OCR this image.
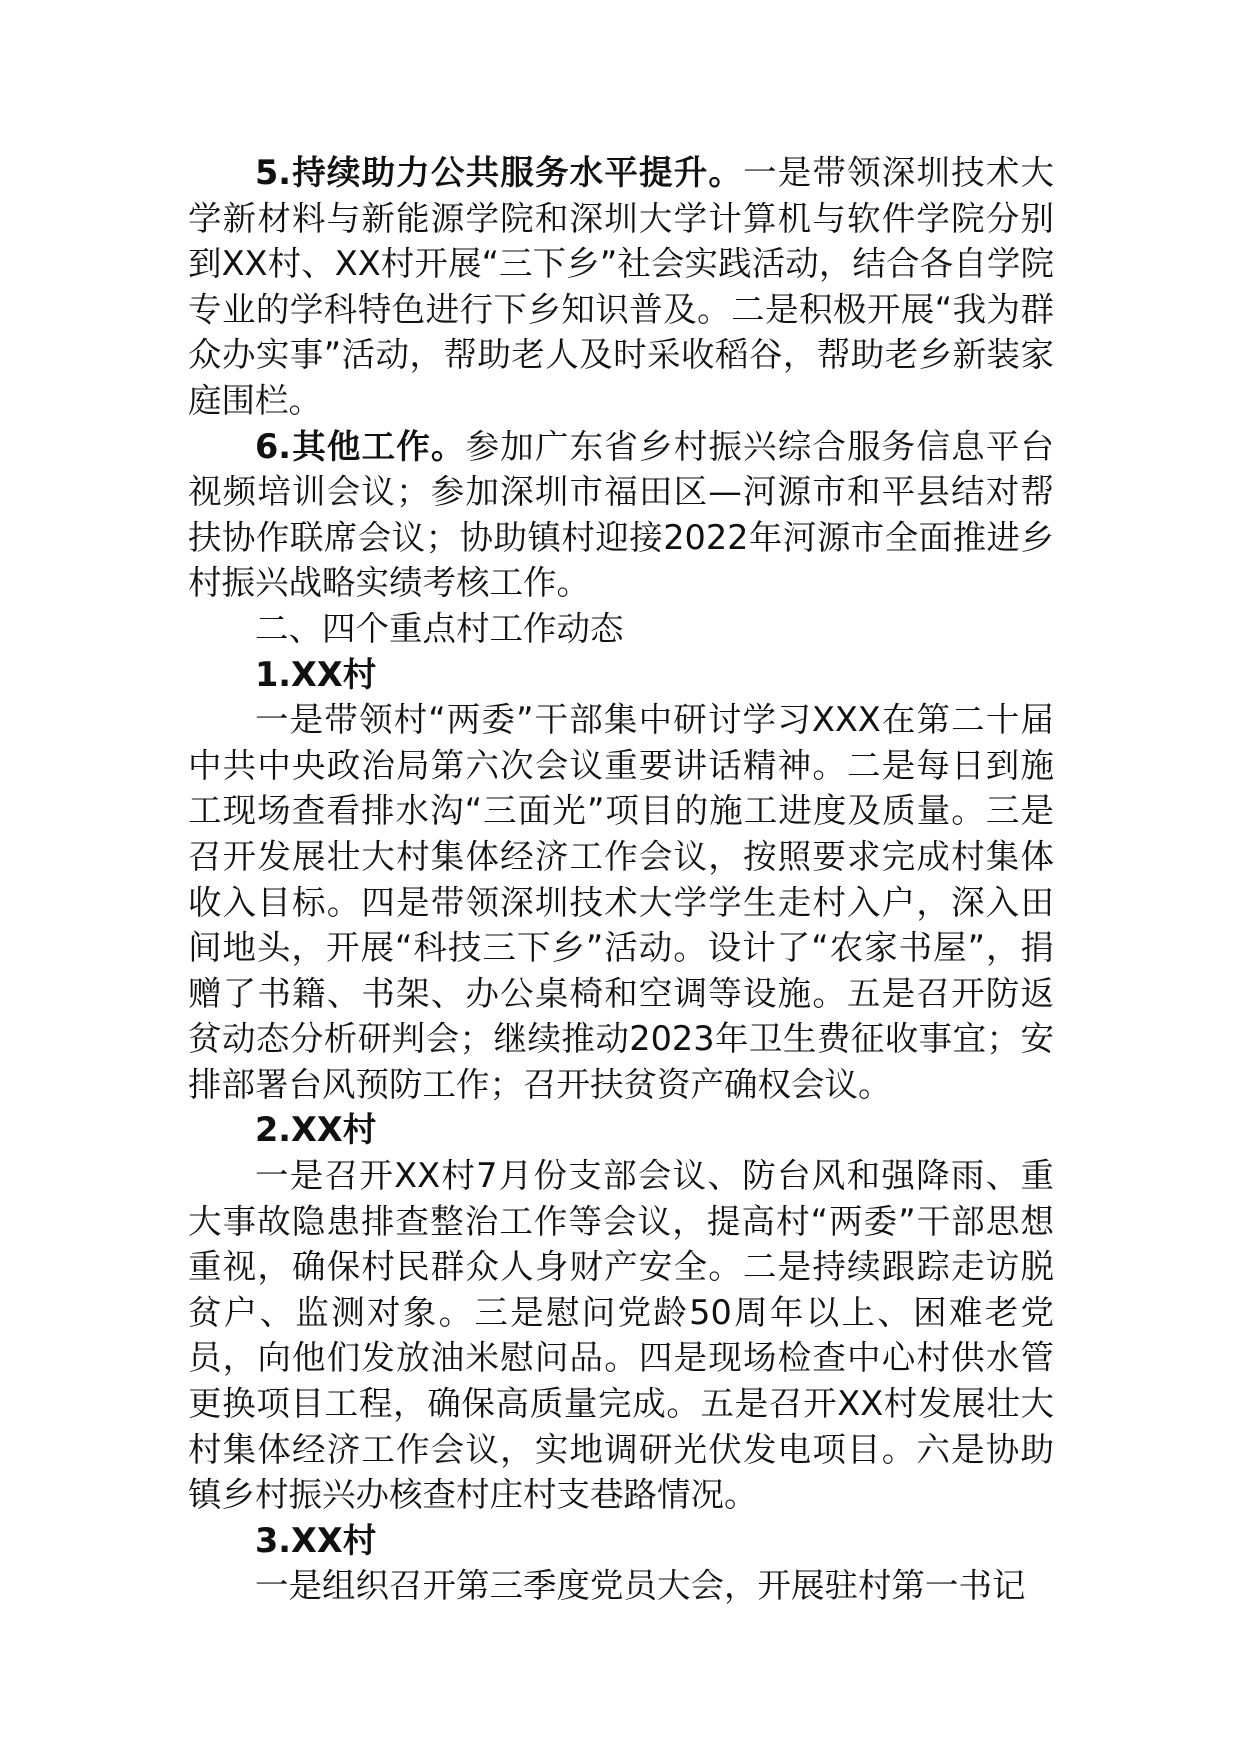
5.持续助力公共服务水平提升。一是带领深圳技术大学新材料与新能源学院和深圳大学计算机与软件学院分别到XX村、XX村开展“三下乡”社会实践活动，结合各自学院专业的学科特色进行下乡知识普及。二是积极开展“我为群众办实事”活动，帮助老人及时采收稻谷，帮助老乡新装家庭围栏。

6.其他工作。参加广东省乡村振兴综合服务信息平台视频培训会议；参加深圳市福田区—河源市和平县结对帮扶协作联席会议；协助镇村迎接2022年河源市全面推进乡村振兴战略实绩考核工作。

二、四个重点村工作动态

1.XX村

一是带领村“两委”干部集中研讨学习XXX在第二十届中共中央政治局第六次会议重要讲话精神。二是每日到施工现场查看排水沟“三面光”项目的施工进度及质量。三是召开发展壮大村集体经济工作会议，按照要求完成村集体收入目标。四是带领深圳技术大学学生走村入户，深入田间地头，开展“科技三下乡”活动。设计了“农家书屋”，捐赠了书籍、书架、办公桌椅和空调等设施。五是召开防返贫动态分析研判会；继续推动2023年卫生费征收事宜；安排部署台风预防工作；召开扶贫资产确权会议。

2.XX村

一是召开XX村7月份支部会议、防台风和强降雨、重大事故隐患排查整治工作等会议，提高村“两委”干部思想重视，确保村民群众人身财产安全。二是持续跟踪走访脱贫户、监测对象。三是慰问党龄50周年以上、困难老党员，向他们发放油米慰问品。四是现场检查中心村供水管更换项目工程，确保高质量完成。五是召开XX村发展壮大村集体经济工作会议，实地调研光伏发电项目。六是协助镇乡村振兴办核查村庄村支巷路情况。

3.XX村

一是组织召开第三季度党员大会，开展驻村第一书记
